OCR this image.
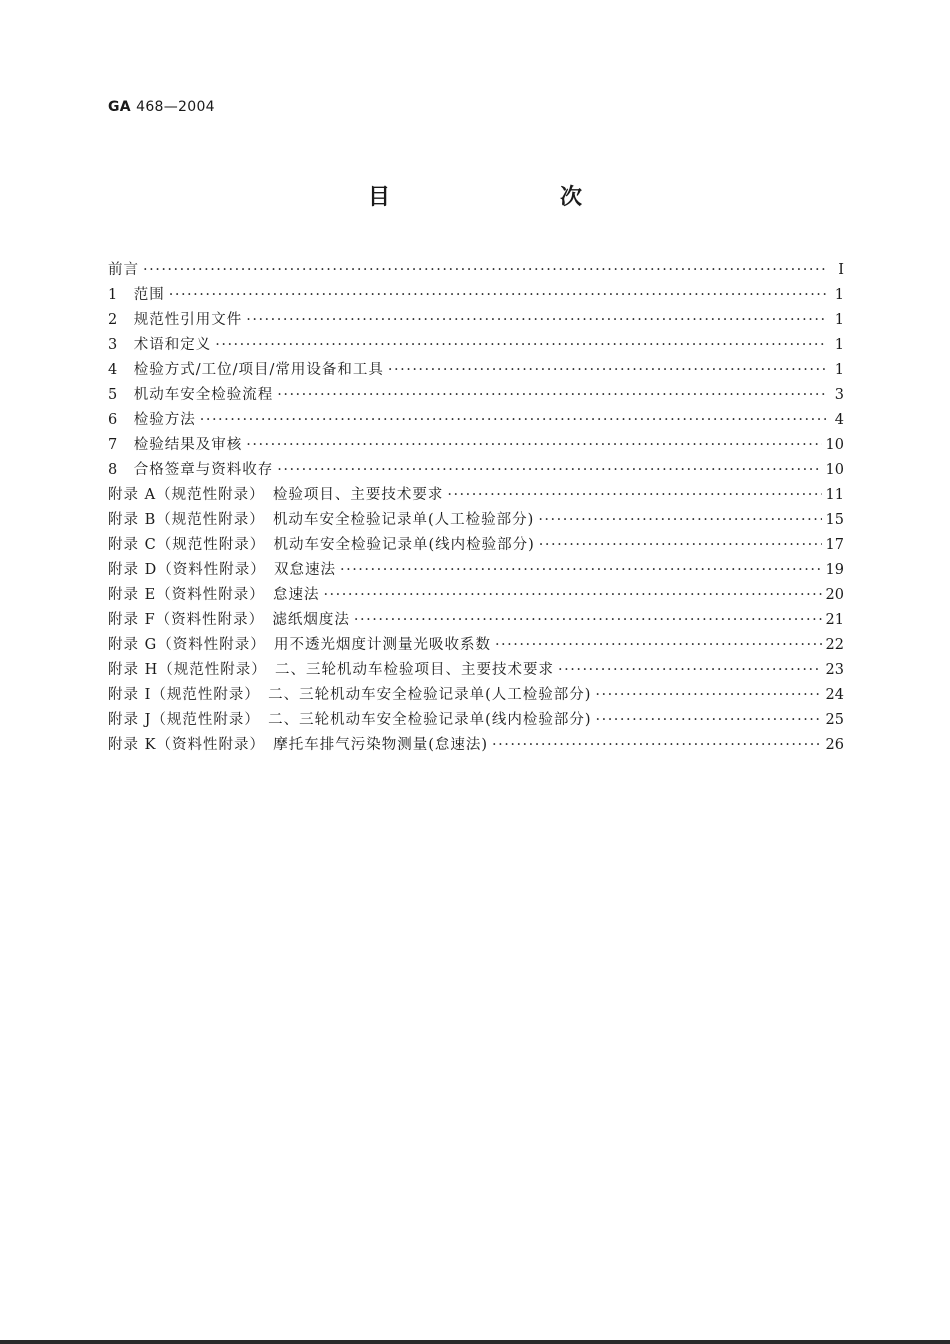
GA 468—2004
目　　次
前言 ·····	I
1　范围 ·····	1
2　规范性引用文件 ·····	1
3　术语和定义 ·····	1
4　检验方式/工位/项目/常用设备和工具 ·····	1
5　机动车安全检验流程 ·····	3
6　检验方法 ·····	4
7　检验结果及审核 ·····	10
8　合格签章与资料收存 ·····	10
附录 A（规范性附录）　检验项目、主要技术要求 ·····	11
附录 B（规范性附录）　机动车安全检验记录单(人工检验部分) ·····	15
附录 C（规范性附录）　机动车安全检验记录单(线内检验部分) ·····	17
附录 D（资料性附录）　双怠速法 ·····	19
附录 E（资料性附录）　怠速法 ·····	20
附录 F（资料性附录）　滤纸烟度法 ·····	21
附录 G（资料性附录）　用不透光烟度计测量光吸收系数 ·····	22
附录 H（规范性附录）　二、三轮机动车检验项目、主要技术要求 ·····	23
附录 I（规范性附录）　二、三轮机动车安全检验记录单(人工检验部分) ·····	24
附录 J（规范性附录）　二、三轮机动车安全检验记录单(线内检验部分) ·····	25
附录 K（资料性附录）　摩托车排气污染物测量(怠速法) ·····	26
